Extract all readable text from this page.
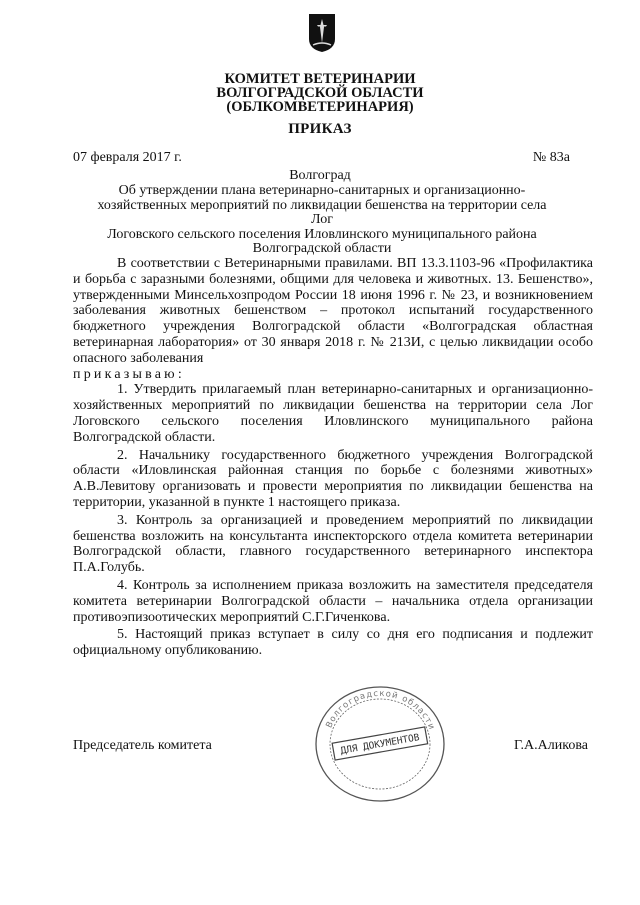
КОМИТЕТ ВЕТЕРИНАРИИ
ВОЛГОГРАДСКОЙ ОБЛАСТИ
(ОБЛКОМВЕТЕРИНАРИЯ)
ПРИКАЗ
07 февраля 2017 г.	№ 83а
Волгоград
Об утверждении плана ветеринарно-санитарных и организационно-
хозяйственных мероприятий по ликвидации бешенства на территории села Лог
Логовского сельского поселения Иловлинского муниципального района
Волгоградской области

В соответствии с Ветеринарными правилами. ВП 13.3.1103-96 «Профилактика и борьба с заразными болезнями, общими для человека и животных. 13. Бешенство», утвержденными Минсельхозпродом России 18 июня 1996 г. № 23, и возникновением заболевания животных бешенством – протокол испытаний государственного бюджетного учреждения Волгоградской области «Волгоградская областная ветеринарная лаборатория» от 30 января 2018 г. № 213И, с целью ликвидации особо опасного заболевания

приказываю:

1. Утвердить прилагаемый план ветеринарно-санитарных и организационно-хозяйственных мероприятий по ликвидации бешенства на территории села Лог Логовского сельского поселения Иловлинского муниципального района Волгоградской области.

2. Начальнику государственного бюджетного учреждения Волгоградской области «Иловлинская районная станция по борьбе с болезнями животных» А.В.Левитову организовать и провести мероприятия по ликвидации бешенства на территории, указанной в пункте 1 настоящего приказа.

3. Контроль за организацией и проведением мероприятий по ликвидации бешенства возложить на консультанта инспекторского отдела комитета ветеринарии Волгоградской области, главного государственного ветеринарного инспектора П.А.Голубь.

4. Контроль за исполнением приказа возложить на заместителя председателя комитета ветеринарии Волгоградской области – начальника отдела организации противоэпизоотических мероприятий С.Г.Гиченкова.

5. Настоящий приказ вступает в силу со дня его подписания и подлежит официальному опубликованию.

Волгоградской области
ДЛЯ ДОКУМЕНТОВ
Председатель комитета	Г.А.Аликова
